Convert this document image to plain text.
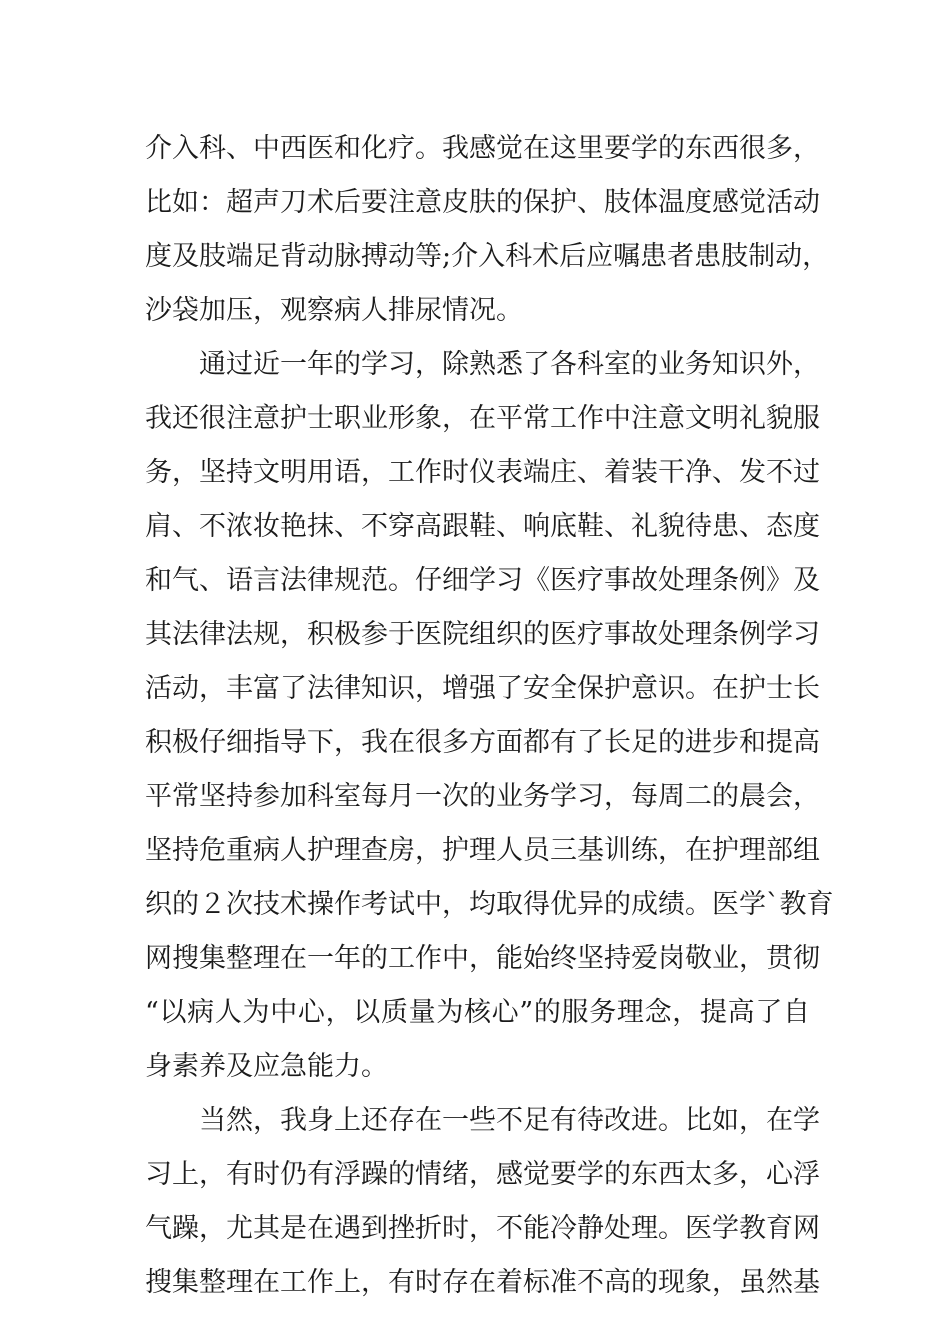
介入科、中西医和化疗。我感觉在这里要学的东西很多，
比如：超声刀术后要注意皮肤的保护、肢体温度感觉活动
度及肢端足背动脉搏动等;介入科术后应嘱患者患肢制动，
沙袋加压，观察病人排尿情况。
通过近一年的学习，除熟悉了各科室的业务知识外，
我还很注意护士职业形象，在平常工作中注意文明礼貌服
务，坚持文明用语，工作时仪表端庄、着装干净、发不过
肩、不浓妆艳抹、不穿高跟鞋、响底鞋、礼貌待患、态度
和气、语言法律规范。仔细学习《医疗事故处理条例》及
其法律法规，积极参于医院组织的医疗事故处理条例学习
活动，丰富了法律知识，增强了安全保护意识。在护士长
积极仔细指导下，我在很多方面都有了长足的进步和提高
平常坚持参加科室每月一次的业务学习，每周二的晨会，
坚持危重病人护理查房，护理人员三基训练，在护理部组
织的２次技术操作考试中，均取得优异的成绩。医学`教育
网搜集整理在一年的工作中，能始终坚持爱岗敬业，贯彻
“以病人为中心，以质量为核心”的服务理念，提高了自
身素养及应急能力。
当然，我身上还存在一些不足有待改进。比如，在学
习上，有时仍有浮躁的情绪，感觉要学的东西太多，心浮
气躁，尤其是在遇到挫折时，不能冷静处理。医学教育网
搜集整理在工作上，有时存在着标准不高的现象，虽然基
